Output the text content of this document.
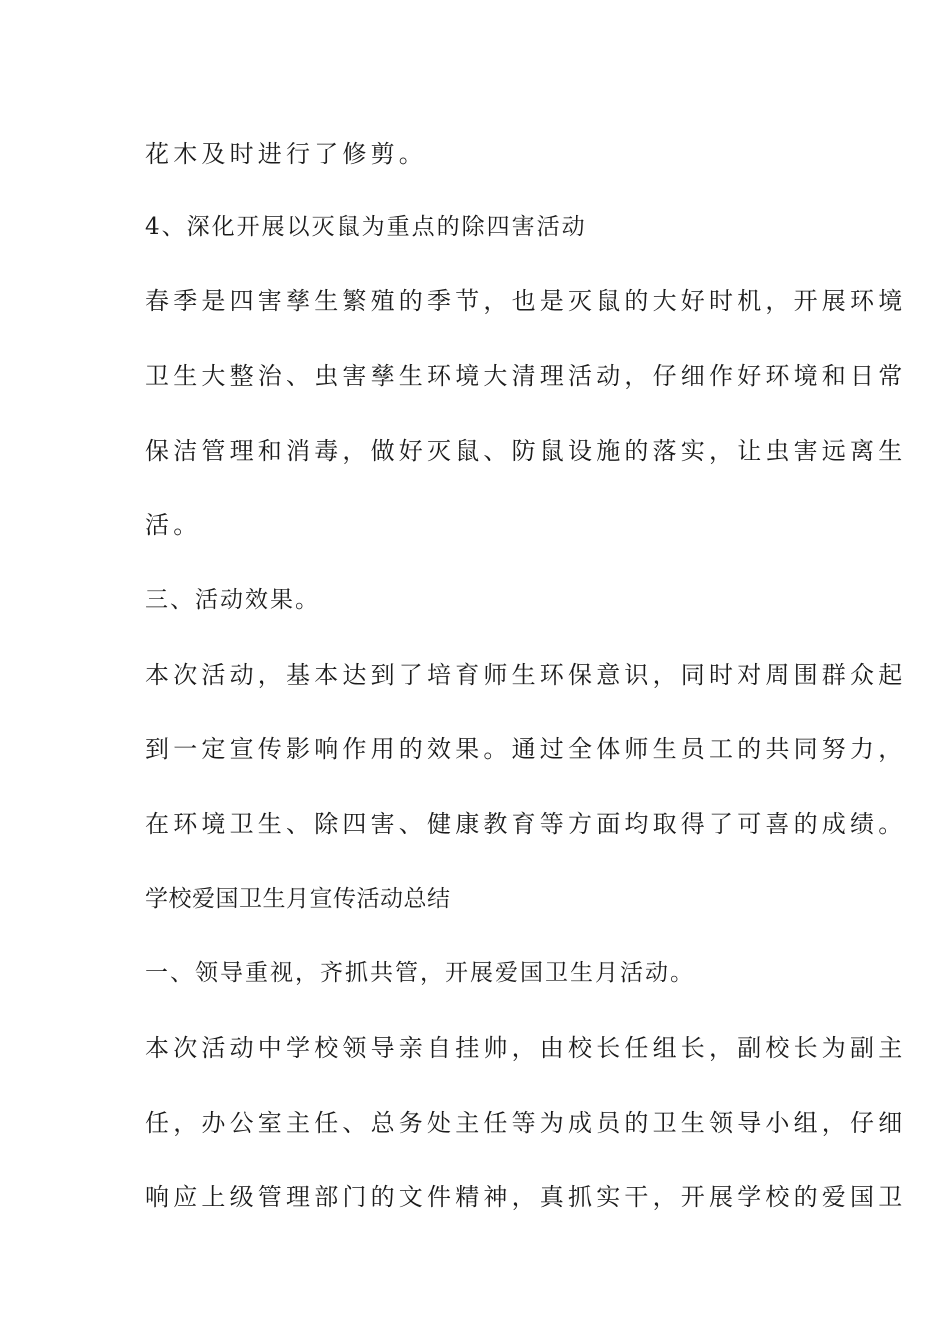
花木及时进行了修剪。
4、深化开展以灭鼠为重点的除四害活动
春季是四害孳生繁殖的季节，也是灭鼠的大好时机，开展环境
卫生大整治、虫害孳生环境大清理活动，仔细作好环境和日常
保洁管理和消毒，做好灭鼠、防鼠设施的落实，让虫害远离生
活。
三、活动效果。
本次活动，基本达到了培育师生环保意识，同时对周围群众起
到一定宣传影响作用的效果。通过全体师生员工的共同努力，
在环境卫生、除四害、健康教育等方面均取得了可喜的成绩。
学校爱国卫生月宣传活动总结
一、领导重视，齐抓共管，开展爱国卫生月活动。
本次活动中学校领导亲自挂帅，由校长任组长，副校长为副主
任，办公室主任、总务处主任等为成员的卫生领导小组，仔细
响应上级管理部门的文件精神，真抓实干，开展学校的爱国卫
